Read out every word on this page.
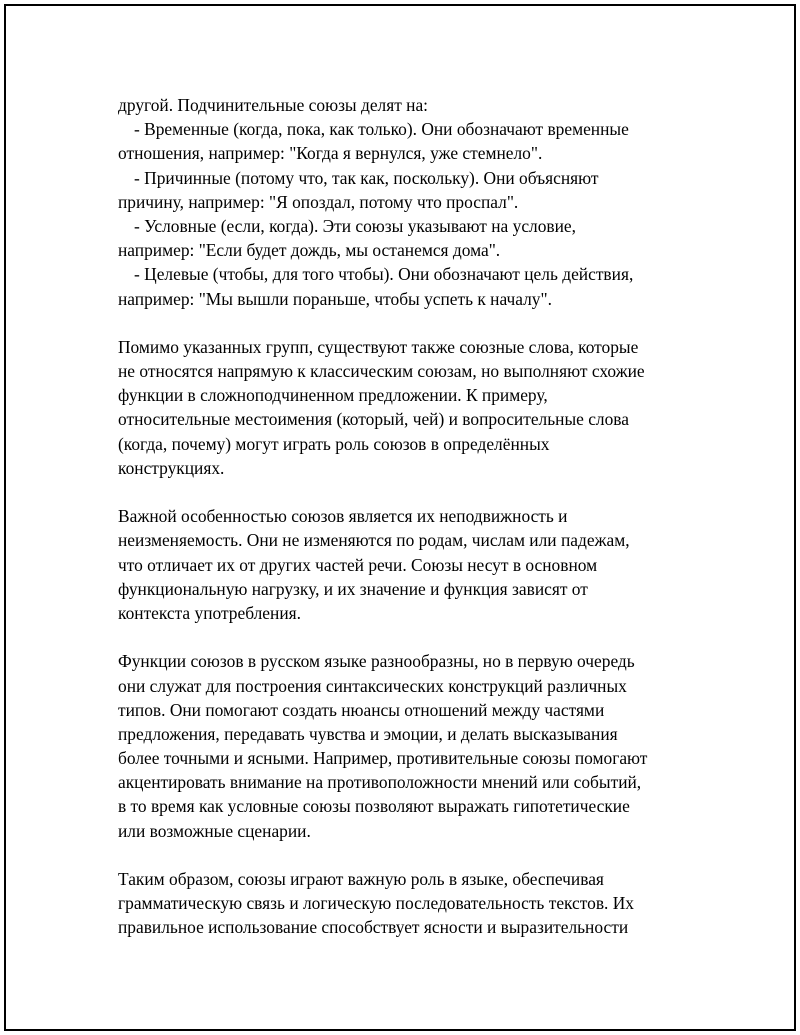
другой. Подчинительные союзы делят на:
- Временные (когда, пока, как только). Они обозначают временные
отношения, например: "Когда я вернулся, уже стемнело".
- Причинные (потому что, так как, поскольку). Они объясняют
причину, например: "Я опоздал, потому что проспал".
- Условные (если, когда). Эти союзы указывают на условие,
например: "Если будет дождь, мы останемся дома".
- Целевые (чтобы, для того чтобы). Они обозначают цель действия,
например: "Мы вышли пораньше, чтобы успеть к началу".
Помимо указанных групп, существуют также союзные слова, которые
не относятся напрямую к классическим союзам, но выполняют схожие
функции в сложноподчиненном предложении. К примеру,
относительные местоимения (который, чей) и вопросительные слова
(когда, почему) могут играть роль союзов в определённых
конструкциях.
Важной особенностью союзов является их неподвижность и
неизменяемость. Они не изменяются по родам, числам или падежам,
что отличает их от других частей речи. Союзы несут в основном
функциональную нагрузку, и их значение и функция зависят от
контекста употребления.
Функции союзов в русском языке разнообразны, но в первую очередь
они служат для построения синтаксических конструкций различных
типов. Они помогают создать нюансы отношений между частями
предложения, передавать чувства и эмоции, и делать высказывания
более точными и ясными. Например, противительные союзы помогают
акцентировать внимание на противоположности мнений или событий,
в то время как условные союзы позволяют выражать гипотетические
или возможные сценарии.
Таким образом, союзы играют важную роль в языке, обеспечивая
грамматическую связь и логическую последовательность текстов. Их
правильное использование способствует ясности и выразительности
